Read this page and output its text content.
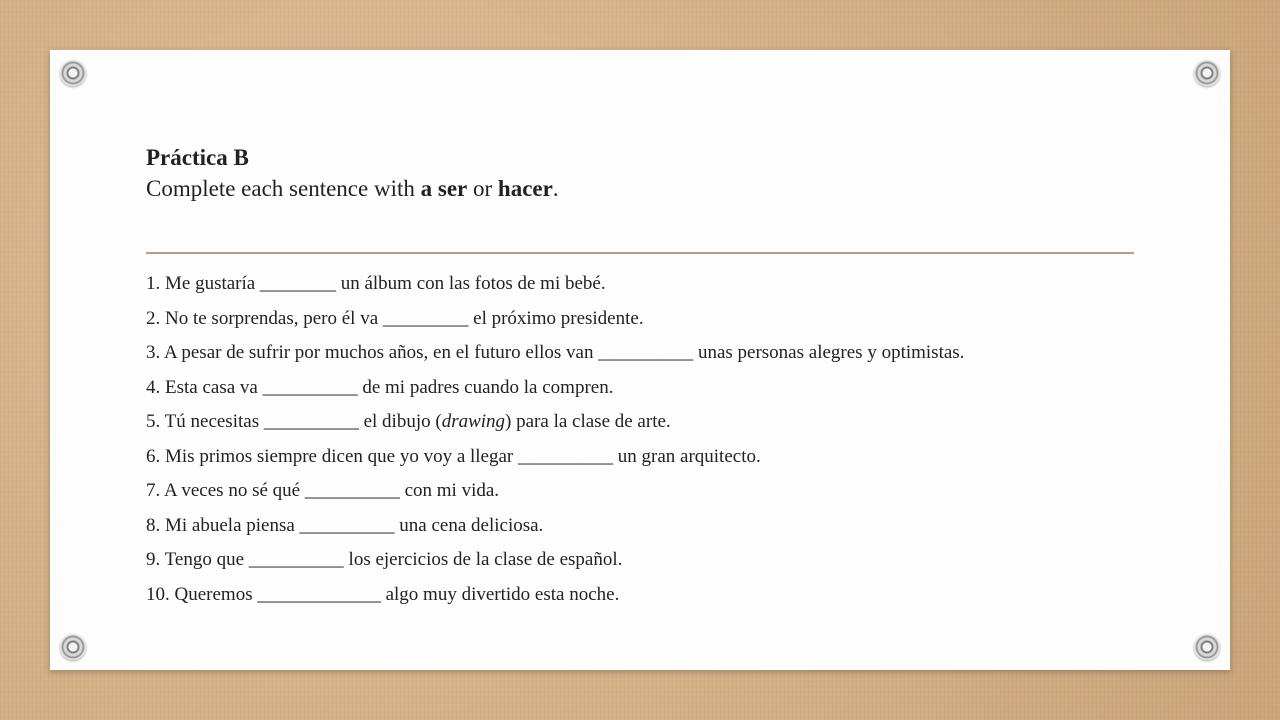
Práctica B
Complete each sentence with a ser or hacer.
1. Me gustaría ________ un álbum con las fotos de mi bebé.
2. No te sorprendas, pero él va _________ el próximo presidente.
3. A pesar de sufrir por muchos años, en el futuro ellos van __________ unas personas alegres y optimistas.
4. Esta casa va __________ de mi padres cuando la compren.
5. Tú necesitas __________ el dibujo (drawing) para la clase de arte.
6. Mis primos siempre dicen que yo voy a llegar __________ un gran arquitecto.
7. A veces no sé qué __________ con mi vida.
8. Mi abuela piensa __________ una cena deliciosa.
9. Tengo que __________ los ejercicios de la clase de español.
10. Queremos _____________ algo muy divertido esta noche.
